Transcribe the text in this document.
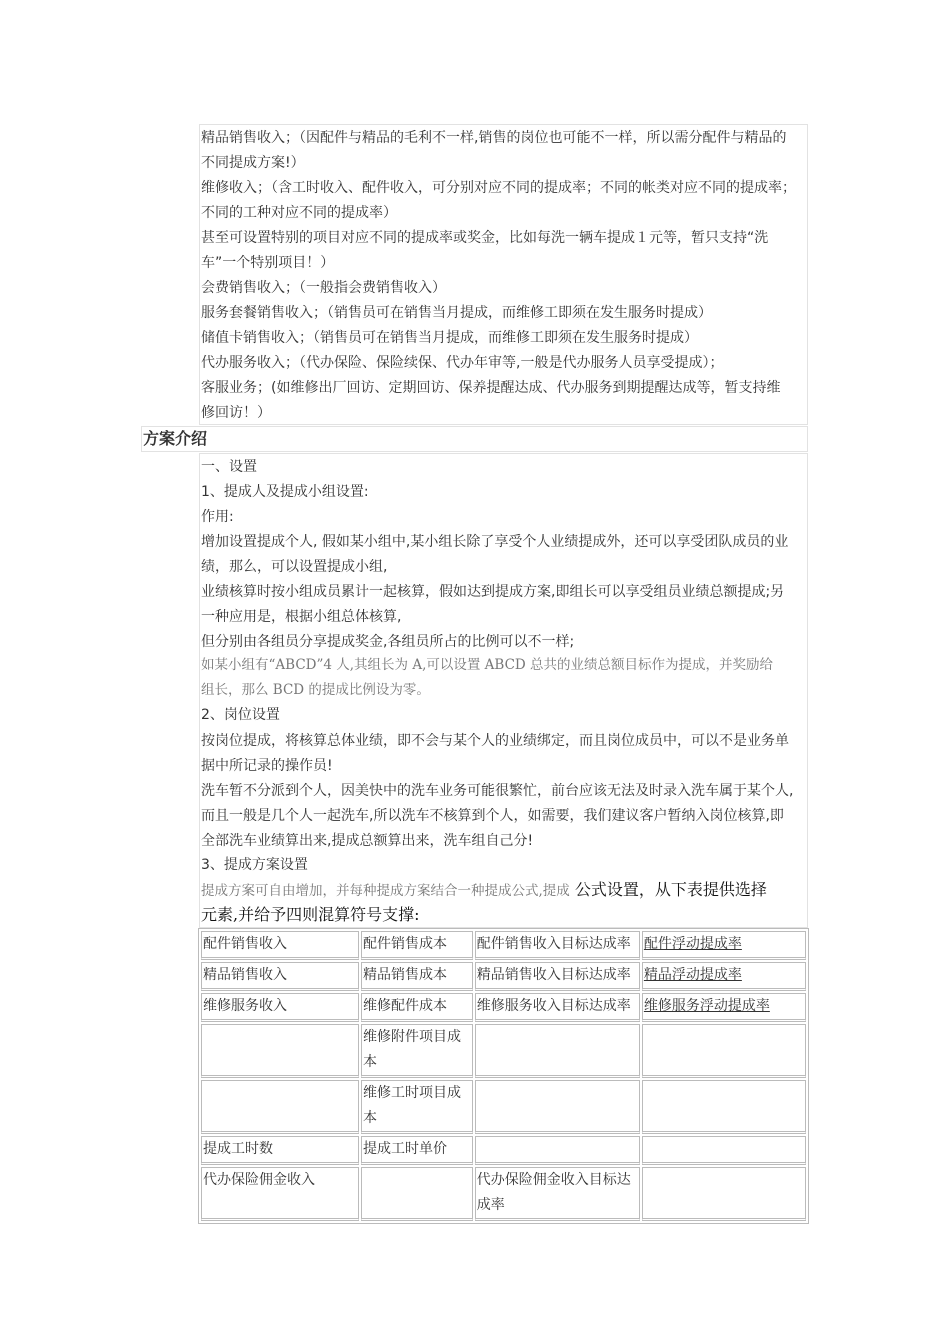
精品销售收入；（因配件与精品的毛利不一样,销售的岗位也可能不一样，所以需分配件与精品的
不同提成方案!）
维修收入；（含工时收入、配件收入，可分别对应不同的提成率；不同的帐类对应不同的提成率；
不同的工种对应不同的提成率）
甚至可设置特别的项目对应不同的提成率或奖金，比如每洗一辆车提成１元等，暂只支持“洗
车”一个特别项目！）
会费销售收入；（一般指会费销售收入）
服务套餐销售收入；（销售员可在销售当月提成，而维修工即须在发生服务时提成）
储值卡销售收入；（销售员可在销售当月提成，而维修工即须在发生服务时提成）
代办服务收入；（代办保险、保险续保、代办年审等,一般是代办服务人员享受提成）；
客服业务；(如维修出厂回访、定期回访、保养提醒达成、代办服务到期提醒达成等，暂支持维
修回访！）
方案介绍
一、设置
1、提成人及提成小组设置:
作用:
增加设置提成个人, 假如某小组中,某小组长除了享受个人业绩提成外，还可以享受团队成员的业
绩，那么，可以设置提成小组,
业绩核算时按小组成员累计一起核算，假如达到提成方案,即组长可以享受组员业绩总额提成;另
一种应用是，根据小组总体核算,
但分别由各组员分享提成奖金,各组员所占的比例可以不一样;
如某小组有“ABCD”4 人,其组长为 A,可以设置 ABCD 总共的业绩总额目标作为提成，并奖励给
组长，那么 BCD 的提成比例设为零。
2、岗位设置
按岗位提成，将核算总体业绩，即不会与某个人的业绩绑定，而且岗位成员中，可以不是业务单
据中所记录的操作员!
洗车暂不分派到个人，因美快中的洗车业务可能很繁忙，前台应该无法及时录入洗车属于某个人,
而且一般是几个人一起洗车,所以洗车不核算到个人，如需要，我们建议客户暂纳入岗位核算,即
全部洗车业绩算出来,提成总额算出来，洗车组自己分!
3、提成方案设置
提成方案可自由增加，并每种提成方案结合一种提成公式,提成 公式设置，从下表提供选择
元素,并给予四则混算符号支撑:
配件销售收入	配件销售成本	配件销售收入目标达成率	配件浮动提成率
精品销售收入	精品销售成本	精品销售收入目标达成率	精品浮动提成率
维修服务收入	维修配件成本	维修服务收入目标达成率	维修服务浮动提成率
	维修附件项目成本		
	维修工时项目成本		
提成工时数	提成工时单价		
代办保险佣金收入		代办保险佣金收入目标达成率	
